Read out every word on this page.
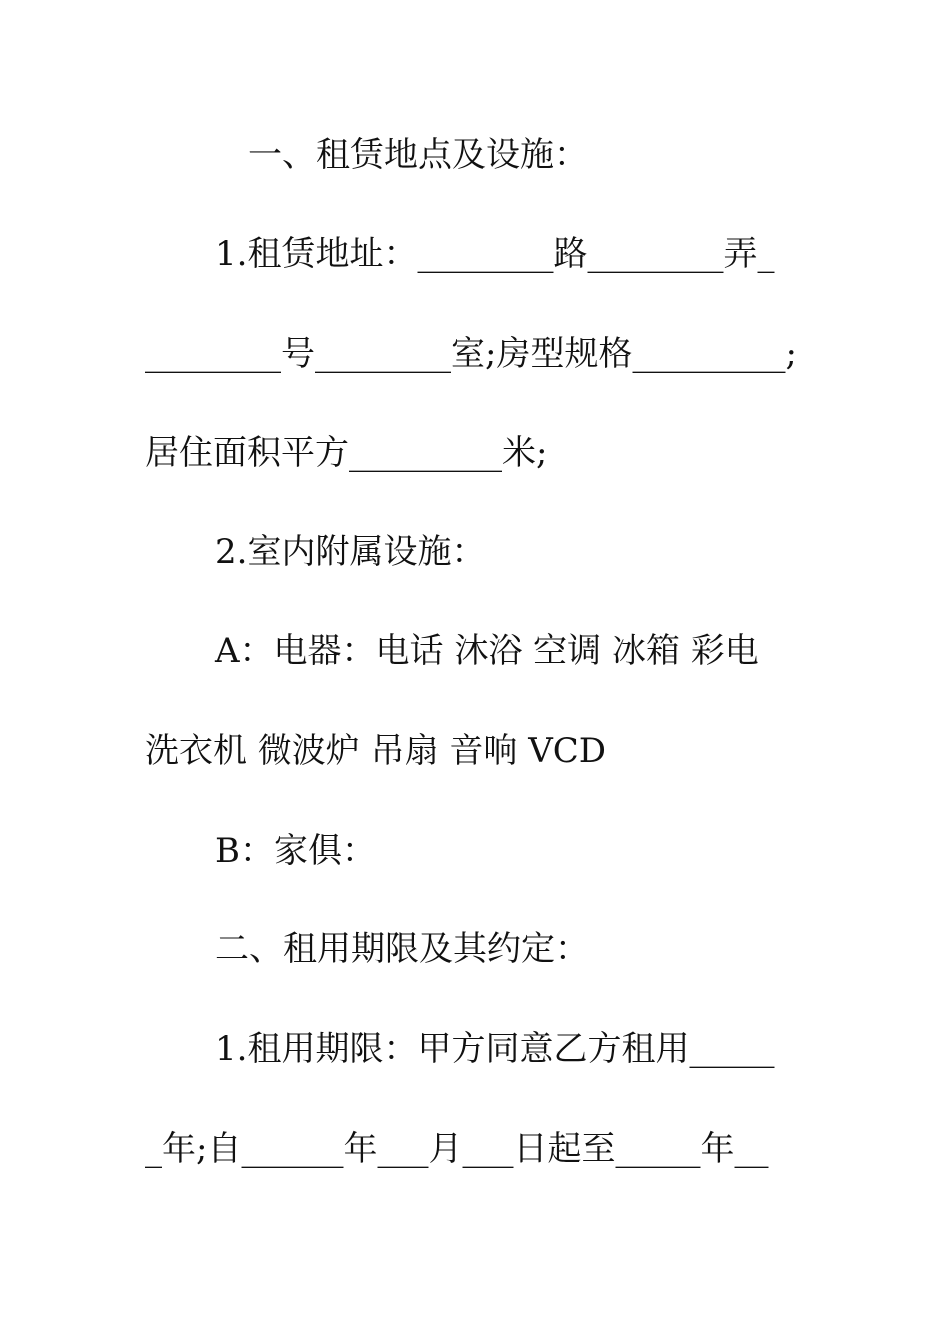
一、租赁地点及设施：
1.租赁地址：________路________弄_
________号________室;房型规格_________;
居住面积平方_________米;
2.室内附属设施：
A：电器：电话 沐浴 空调 冰箱 彩电
洗衣机 微波炉 吊扇 音响 VCD
B：家俱：
二、租用期限及其约定：
1.租用期限：甲方同意乙方租用_____
_年;自______年___月___日起至_____年__
